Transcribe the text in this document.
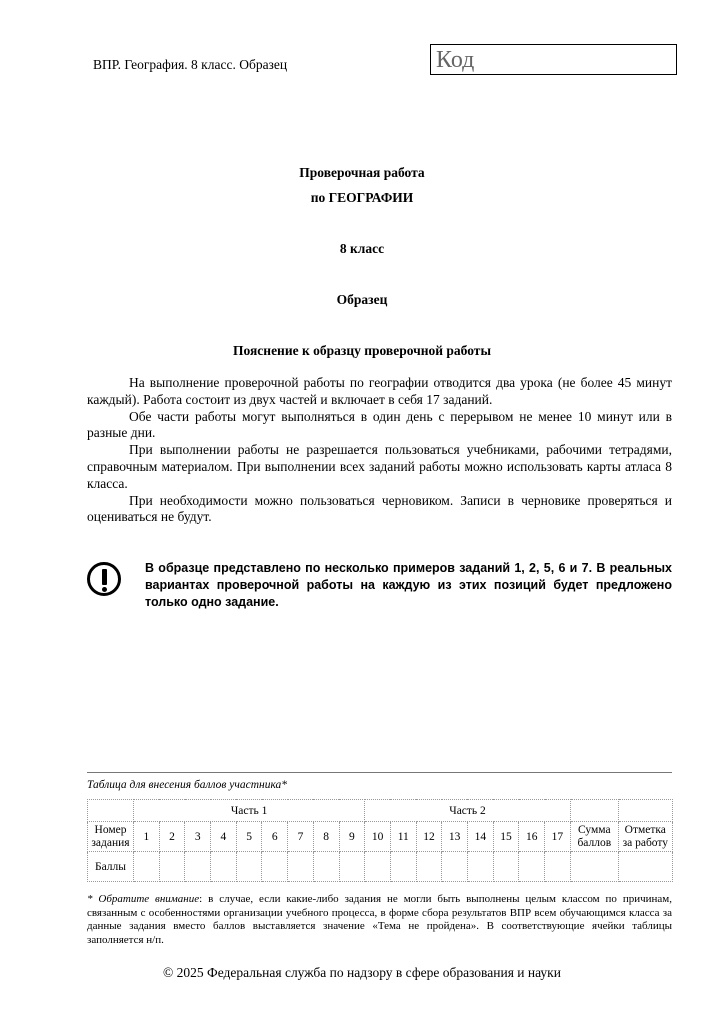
ВПР. География. 8 класс. Образец	Код
Проверочная работа
по ГЕОГРАФИИ
8 класс
Образец
Пояснение к образцу проверочной работы

На выполнение проверочной работы по географии отводится два урока (не более 45 минут каждый). Работа состоит из двух частей и включает в себя 17 заданий.

Обе части работы могут выполняться в один день с перерывом не менее 10 минут или в разные дни.

При выполнении работы не разрешается пользоваться учебниками, рабочими тетрадями, справочным материалом. При выполнении всех заданий работы можно использовать карты атласа 8 класса.

При необходимости можно пользоваться черновиком. Записи в черновике проверяться и оцениваться не будут.

В образце представлено по несколько примеров заданий 1, 2, 5, 6 и 7. В реальных вариантах проверочной работы на каждую из этих позиций будет предложено только одно задание.
Таблица для внесения баллов участника*
	Часть 1									Часть 2									
Номер задания	1	2	3	4	5	6	7	8	9	10	11	12	13	14	15	16	17	Сумма баллов	Отметка за работу
Баллы																			
* Обратите внимание: в случае, если какие-либо задания не могли быть выполнены целым классом по причинам, связанным с особенностями организации учебного процесса, в форме сбора результатов ВПР всем обучающимся класса за данные задания вместо баллов выставляется значение «Тема не пройдена». В соответствующие ячейки таблицы заполняется н/п.
© 2025 Федеральная служба по надзору в сфере образования и науки
